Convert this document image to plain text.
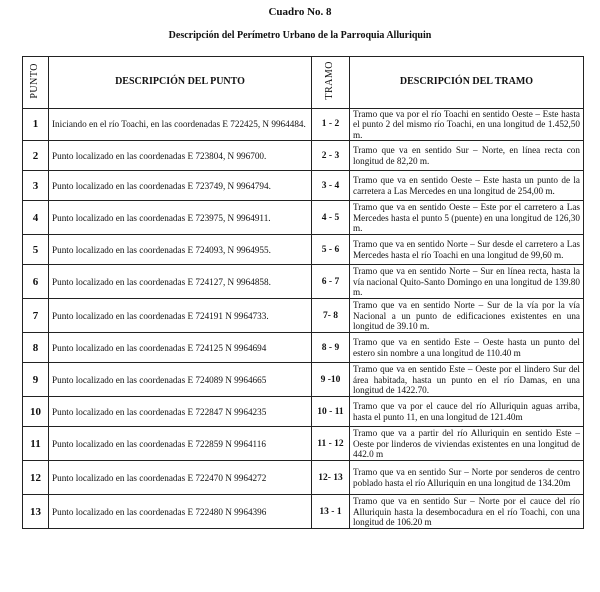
Cuadro No. 8
Descripción del Perímetro Urbano de la Parroquia Alluriquin
PUNTO	DESCRIPCIÓN DEL PUNTO	TRAMO	DESCRIPCIÓN DEL TRAMO
1	Iniciando en el río Toachi, en las coordenadas E 722425, N 9964484.	1 - 2	Tramo que va por el río Toachi en sentido Oeste – Este hasta el punto 2 del mismo río Toachi, en una longitud de 1.452,50 m.
2	Punto localizado en las coordenadas E 723804, N 996700.	2 - 3	Tramo que va en sentido Sur – Norte, en línea recta con longitud de 82,20 m.
3	Punto localizado en las coordenadas E 723749, N 9964794.	3 - 4	Tramo que va en sentido Oeste – Este hasta un punto de la carretera a Las Mercedes en una longitud de 254,00 m.
4	Punto localizado en las coordenadas E 723975, N 9964911.	4 - 5	Tramo que va en sentido Oeste – Este por el carretero a Las Mercedes hasta el punto 5 (puente) en una longitud de 126,30 m.
5	Punto localizado en las coordenadas E 724093, N 9964955.	5 - 6	Tramo que va en sentido Norte – Sur desde el carretero a Las Mercedes hasta el río Toachi en una longitud de 99,60 m.
6	Punto localizado en las coordenadas E 724127, N 9964858.	6 - 7	Tramo que va en sentido Norte – Sur en línea recta, hasta la vía nacional Quito-Santo Domingo en una longitud de 139.80 m.
7	Punto localizado en las coordenadas E 724191 N 9964733.	7- 8	Tramo que va en sentido Norte – Sur de la vía por la vía Nacional a un punto de edificaciones existentes en una longitud de 39.10 m.
8	Punto localizado en las coordenadas E 724125 N 9964694	8 - 9	Tramo que va en sentido Este – Oeste hasta un punto del estero sin nombre a una longitud de 110.40 m
9	Punto localizado en las coordenadas E 724089 N 9964665	9 -10	Tramo que va en sentido Este – Oeste por el lindero Sur del área habitada, hasta un punto en el río Damas, en una longitud de 1422.70.
10	Punto localizado en las coordenadas E 722847 N 9964235	10 - 11	Tramo que va por el cauce del río Alluriquin aguas arriba, hasta el punto 11, en una longitud de 121.40m
11	Punto localizado en las coordenadas E 722859 N 9964116	11 - 12	Tramo que va a partir del río Alluriquin en sentido Este – Oeste por linderos de viviendas existentes en una longitud de 442.0 m
12	Punto localizado en las coordenadas E 722470 N 9964272	12- 13	Tramo que va en sentido Sur – Norte por senderos de centro poblado hasta el río Alluriquin en una longitud de 134.20m
13	Punto localizado en las coordenadas E 722480 N 9964396	13 - 1	Tramo que va en sentido Sur – Norte por el cauce del río Alluriquin hasta la desembocadura en el río Toachi, con una longitud de 106.20 m
